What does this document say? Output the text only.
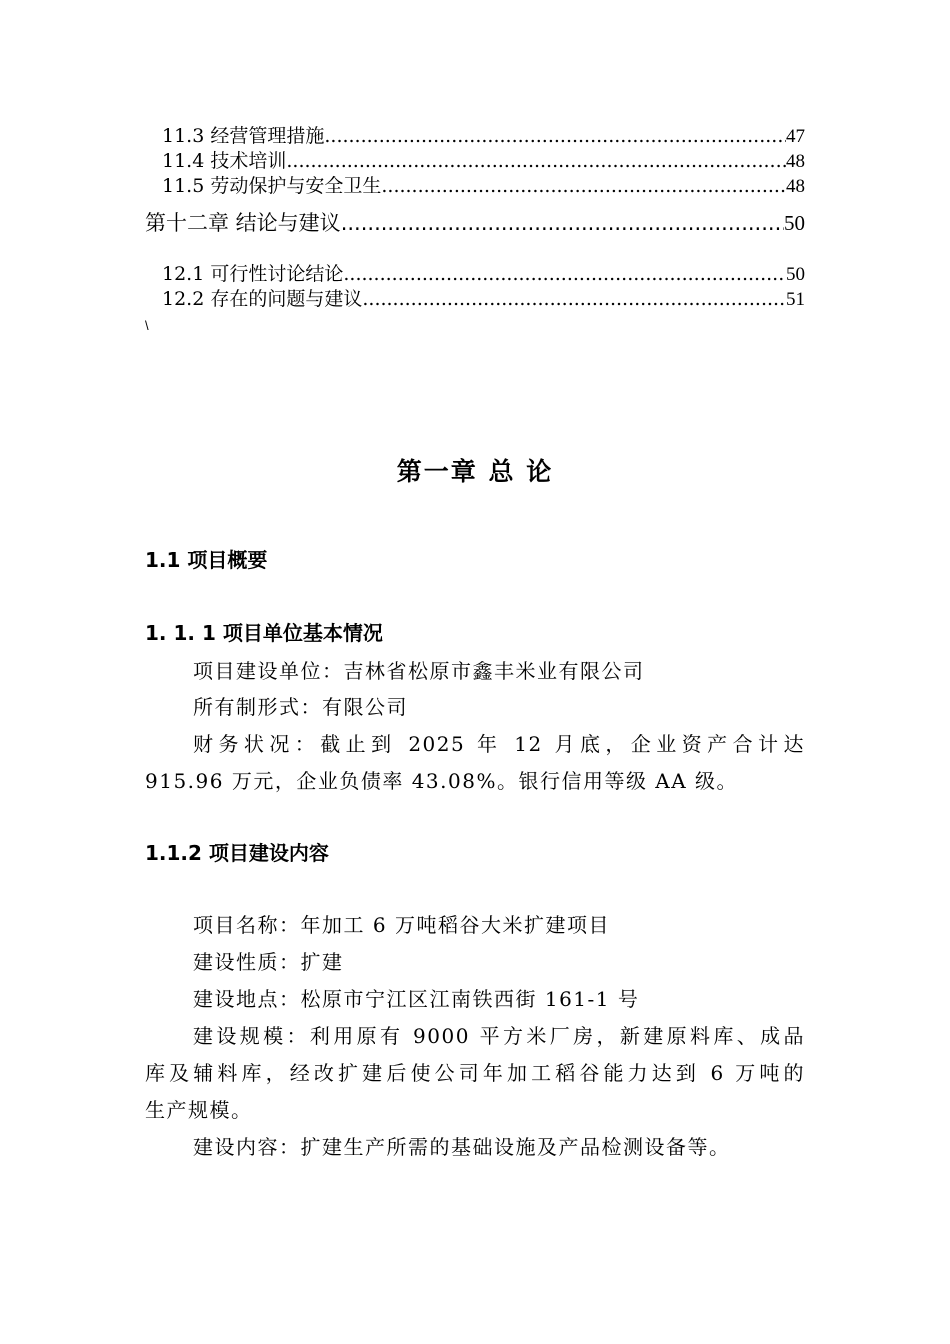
11.3 经营管理措施 .....	47
11.4 技术培训 .....	48
11.5 劳动保护与安全卫生 .....	48
第十二章 结论与建议 .....	50
12.1 可行性讨论结论 .....	50
12.2 存在的问题与建议 .....	51
\
第一章 总 论
1.1 项目概要
1. 1. 1 项目单位基本情况
项目建设单位：吉林省松原市鑫丰米业有限公司
所有制形式：有限公司
财务状况：截止到 2025 年 12 月底，企业资产合计达
915.96 万元，企业负债率 43.08%。银行信用等级 AA 级。
1.1.2 项目建设内容
项目名称：年加工 6 万吨稻谷大米扩建项目
建设性质：扩建
建设地点：松原市宁江区江南铁西街 161-1 号
建设规模：利用原有 9000 平方米厂房，新建原料库、成品
库及辅料库，经改扩建后使公司年加工稻谷能力达到 6 万吨的
生产规模。
建设内容：扩建生产所需的基础设施及产品检测设备等。
